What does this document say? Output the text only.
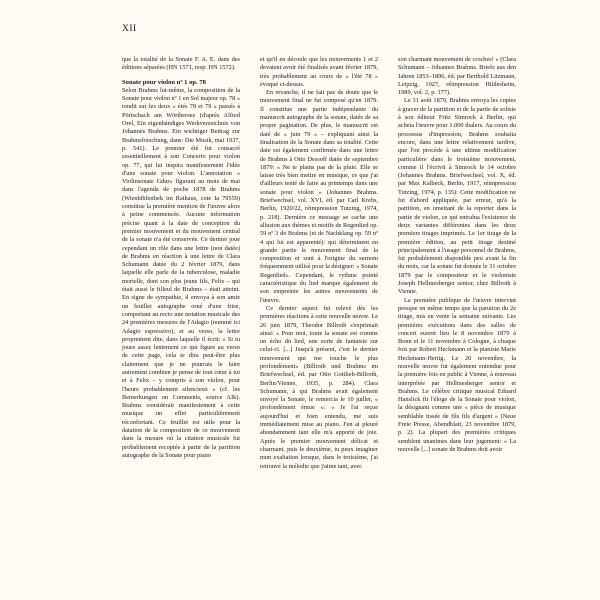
XII

que la totalité de la Sonate F. A. E. dans des éditions séparées (HN 1571, resp. HN 1572).

Sonate pour violon nº 1 op. 78

Selon Brahms lui-même, la composition de la Sonate pour violon nº 1 en Sol majeur op. 78 « rendit sur les deux « étés 78 et 79 » passés à Pörtschach am Wörthersee (d'après Alfred Orel, Ein eigenhändiges Werkverzeichnis von Johannes Brahms. Ein wichtiger Beitrag zur Brahmsforschung, dans: Die Musik, mai 1937, p. 541). Le premier été fut consacré essentiellement à son Concerto pour violon op. 77, qui lui inspira manifestement l'idée d'une sonate pour violon. L'annotation « Violinsonate Gdur» figurant au mois de mai dans l'agenda de poche 1878 de Brahms (Wienbibliothek im Rathaus, cote Ia 79559) constitue la première mention de l'œuvre alors à peine commencée. Aucune information précise quant à la date de conception du premier mouvement et du mouvement central de la sonate n'a été conservée. Ce dernier joue cependant un rôle dans une lettre (non datée) de Brahms en réaction à une lettre de Clara Schumann datée du 2 février 1879, dans laquelle elle parle de la tuberculose, maladie mortelle, dont son plus jeune fils, Felix – qui était aussi le filleul de Brahms – était atteint. En signe de sympathie, il envoya à son amie un feuillet autographe orné d'une frise, comportant au recto une notation musicale des 24 premières mesures de l'Adagio (nommé ici Adagio espressivo), et au verso, la lettre proprement dite, dans laquelle il écrit: « Si tu joues assez lentement ce qui figure au verso de cette page, cela te dira peut-être plus clairement que je ne pourrais le faire autrement combien je pense de tout cœur à toi et à Felix – y compris à son violon, pour l'heure probablement silencieux » (cf. les Bemerkungen on Comments, source AIk). Brahms considérait manifestement à cette musique un effet particulièrement réconfortant. Ce feuillet est utile pour la datation de la composition de ce mouvement dans la mesure où la citation musicale fut probablement recopiée à partir de la partition autographe de la Sonate pour piano

et qu'il en découle que les mouvements 1 et 2 devaient avoir été finalisés avant février 1879, très probablement au cours de « l'été 78 » évoqué ci-dessus.

En revanche, il ne fait pas de doute que le mouvement final ne fut composé qu'en 1879. Il constitue une partie indépendante du manuscrit autographe de la sonate, datée de sa propre pagination. De plus, le manuscrit est daté de « juin 79 » – expliquant ainsi la finalisation de la Sonate dans sa totalité. Cette date est également confirmée dans une lettre de Brahms à Otto Dessoff datée de septembre 1879: « Ne te plains pas de la pluie. Elle se laisse très bien mettre en musique, ce que j'ai d'ailleurs tenté de faire au printemps dans une sonate pour violon » (Johannes Brahms. Briefwechsel, vol. XVI, éd. par Carl Krebs, Berlin, 1920/22, réimpression Tutzing, 1974, p. 218). Dernière ce message se cache une allusion aux thèmes et motifs de Regenlied op. 59 nº 3 de Brahms (et de Nachklang op. 59 nº 4 qui lui est apparenté): qui déterminent en grande partie le mouvement final de la composition et sont à l'origine du surnom fréquemment utilisé pour la désigner: « Sonate Regenlied». Cependant, le rythme pointé caractéristique du lied marque également de son empreinte les autres mouvements de l'œuvre.

Ce dernier aspect fut relevé dès les premières réactions à cette nouvelle œuvre. Le 26 juin 1879, Theodor Billroth s'exprimait ainsi: « Pour moi, toute la sonate est comme un écho du lied, une sorte de fantaisie sur celui-ci. [...] Jusqu'à présent, c'est le dernier mouvement qui me touche le plus profondément» (Billroth und Brahms im Briefwechsel, éd. par Otto Gottlieb-Billroth, Berlin/Vienne, 1935, p. 284). Clara Schumann, à qui Brahms avait également envoyé la Sonate, le remercia le 10 juillet, « profondément émue »: « Je l'ai reçue aujourd'hui et bien entendu, me suis immédiatement mise au piano. J'en ai pleuré abondamment tant elle m'a apporté de joie. Après le premier mouvement délicat et charmant, puis le deuxième, tu peux imaginer mon exaltation lorsque, dans le troisième, j'ai retrouvé la mélodie que j'aime tant, avec

son charmant mouvement de croches! » (Clara Schumann – Johannes Brahms. Briefe aus den Jahren 1853–1896, éd. par Berthold Litzmann, Leipzig, 1927, réimpression Hildesheim, 1989, vol. 2, p. 177).

Le 31 août 1879, Brahms envoya les copies à graver de la partition et de la partie de soliste à son éditeur Fritz Simrock à Berlin, qui acheta l'œuvre pour 1.000 thalers. Au cours du processus d'impression, Brahms souhaita encore, dans une lettre relativement tardive, que l'on procède à une ultime modification particulière dans le troisième mouvement, comme il l'écrivit à Simrock le 14 octobre (Johannes Brahms. Briefwechsel, vol. X, éd. par Max Kalbeck, Berlin, 1917, réimpression Tutzing, 1974, p. 135): Cette modification ne fut d'abord appliquée, par erreur, qu'à la partition, en omettant de la reporter dans la partie de violon, ce qui entraîna l'existence de deux variantes différentes dans les deux premiers tirages imprimés. Le 1er tirage de la première édition, au petit tirage destiné principalement à l'usage personnel de Brahms, fut probablement disponible peu avant la fin du mois, car la sonate fut donnée le 31 octobre 1879 par le compositeur et le violoniste Joseph Hellmesberger senior, chez Billroth à Vienne.

La première publique de l'œuvre intervint presque en même temps que la parution du 2e tirage, mis en vente la semaine suivante. Les premières exécutions dans des salles de concert eurent lieu le 8 novembre 1879 à Bonn et le 11 novembre à Cologne, à chaque fois par Robert Heckmann et la pianiste Marie Heckmann-Hertig. Le 20 novembre, la nouvelle œuvre fut également entendue pour la première fois en public à Vienne, à nouveau interprétée par Hellmesberger senior et Brahms. Le célèbre critique musical Eduard Hanslick fit l'éloge de la Sonate pour violon, la désignant comme une « pièce de musique semblable tissée de fils fils d'argent » (Neue Freie Presse, Abendblatt, 23 novembre 1879, p. 2). La plupart des premières critiques semblent unanimes dans leur jugement: « La nouvelle [...] sonate de Brahms doit avoir
